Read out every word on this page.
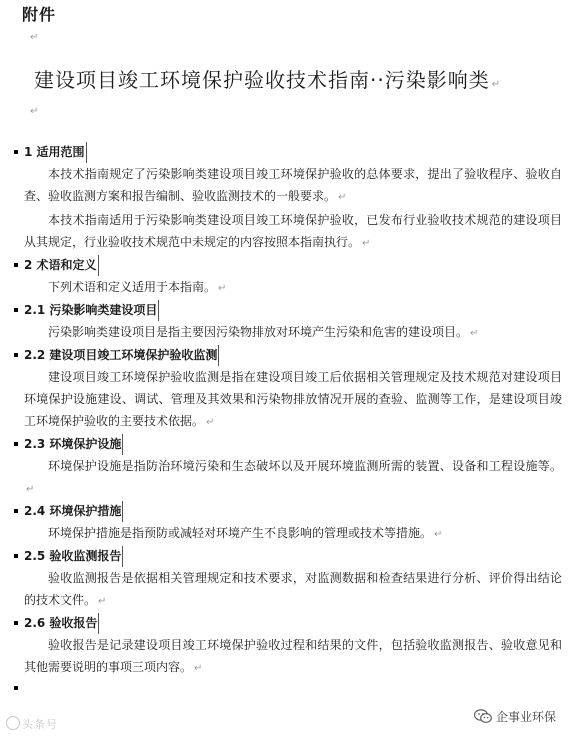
附件
↵
建设项目竣工环境保护验收技术指南··污染影响类 ↵
↵
1 适用范围

本技术指南规定了污染影响类建设项目竣工环境保护验收的总体要求，提出了验收程序、验收自查、验收监测方案和报告编制、验收监测技术的一般要求。 ↵

本技术指南适用于污染影响类建设项目竣工环境保护验收，已发布行业验收技术规范的建设项目从其规定，行业验收技术规范中未规定的内容按照本指南执行。 ↵

2 术语和定义

下列术语和定义适用于本指南。 ↵

2.1 污染影响类建设项目

污染影响类建设项目是指主要因污染物排放对环境产生污染和危害的建设项目。 ↵

2.2 建设项目竣工环境保护验收监测

建设项目竣工环境保护验收监测是指在建设项目竣工后依据相关管理规定及技术规范对建设项目环境保护设施建设、调试、管理及其效果和污染物排放情况开展的查验、监测等工作，是建设项目竣工环境保护验收的主要技术依据。 ↵

2.3 环境保护设施

环境保护设施是指防治环境污染和生态破坏以及开展环境监测所需的装置、设备和工程设施等。↵

2.4 环境保护措施

环境保护措施是指预防或减轻对环境产生不良影响的管理或技术等措施。 ↵

2.5 验收监测报告

验收监测报告是依据相关管理规定和技术要求，对监测数据和检查结果进行分析、评价得出结论的技术文件。 ↵

2.6 验收报告

验收报告是记录建设项目竣工环境保护验收过程和结果的文件，包括验收监测报告、验收意见和其他需要说明的事项三项内容。 ↵

头条号
企事业环保
